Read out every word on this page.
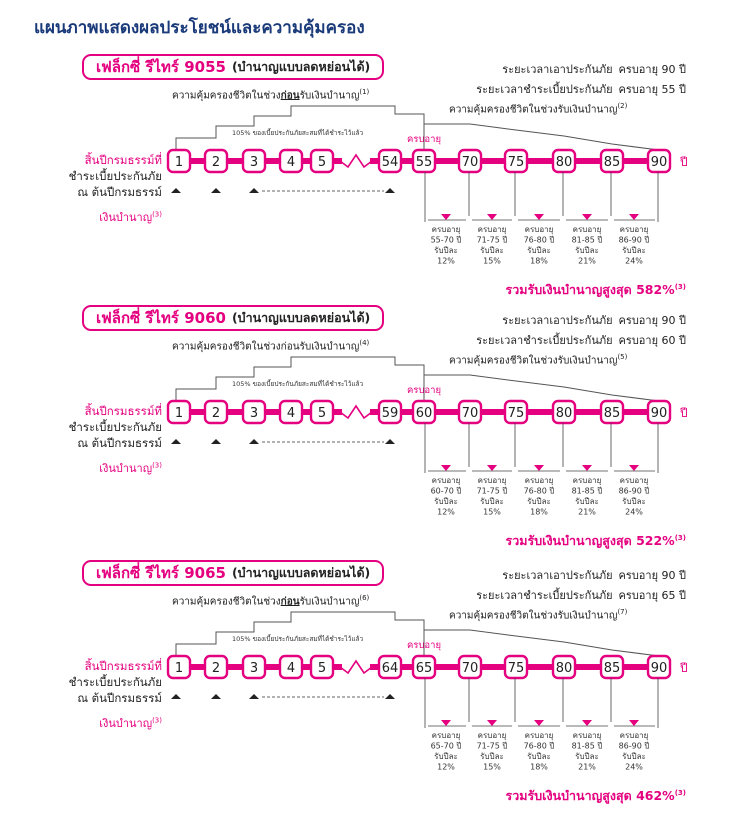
แผนภาพแสดงผลประโยชน์และความคุ้มครอง
เฟล็กซี่ รีไทร์ 9055 (บำนาญแบบลดหย่อนได้)	ระยะเวลาเอาประกันภัย ครบอายุ 90 ปี
ระยะเวลาชำระเบี้ยประกันภัย ครบอายุ 55 ปี
ความคุ้มครองชีวิตในช่วงก่อนรับเงินบำนาญ$^{(1)}$
ความคุ้มครองชีวิตในช่วงรับเงินบำนาญ$^{(2)}$
สิ้นปีกรมธรรม์ที่
ชำระเบี้ยประกันภัย
ณ ต้นปีกรมธรรม์
เงินบำนาญ$^{(3)}$
รวมรับเงินบำนาญสูงสุด 582%$^{(3)}$
105% ของเบี้ยประกันภัยสะสมที่ได้ชำระไว้แล้ว
ครบอายุ
1 2 3 4 5	54 55 70 75 80 85 90 ปี
ครบอายุ
55-70 ปี
รับปีละ
12%
ครบอายุ
71-75 ปี
รับปีละ
15%
ครบอายุ
76-80 ปี
รับปีละ
18%
ครบอายุ
81-85 ปี
รับปีละ
21%
ครบอายุ
86-90 ปี
รับปีละ
24%
เฟล็กซี่ รีไทร์ 9060 (บำนาญแบบลดหย่อนได้)	ระยะเวลาเอาประกันภัย ครบอายุ 90 ปี
ระยะเวลาชำระเบี้ยประกันภัย ครบอายุ 60 ปี
ความคุ้มครองชีวิตในช่วงก่อนรับเงินบำนาญ$^{(4)}$
ความคุ้มครองชีวิตในช่วงรับเงินบำนาญ$^{(5)}$
สิ้นปีกรมธรรม์ที่
ชำระเบี้ยประกันภัย
ณ ต้นปีกรมธรรม์
เงินบำนาญ$^{(3)}$
รวมรับเงินบำนาญสูงสุด 522%$^{(3)}$
105% ของเบี้ยประกันภัยสะสมที่ได้ชำระไว้แล้ว
ครบอายุ
1 2 3 4 5	59 60 70 75 80 85 90 ปี
ครบอายุ
60-70 ปี
รับปีละ
12%
ครบอายุ
71-75 ปี
รับปีละ
15%
ครบอายุ
76-80 ปี
รับปีละ
18%
ครบอายุ
81-85 ปี
รับปีละ
21%
ครบอายุ
86-90 ปี
รับปีละ
24%
เฟล็กซี่ รีไทร์ 9065 (บำนาญแบบลดหย่อนได้)	ระยะเวลาเอาประกันภัย ครบอายุ 90 ปี
ระยะเวลาชำระเบี้ยประกันภัย ครบอายุ 65 ปี
ความคุ้มครองชีวิตในช่วงก่อนรับเงินบำนาญ$^{(6)}$
ความคุ้มครองชีวิตในช่วงรับเงินบำนาญ$^{(7)}$
สิ้นปีกรมธรรม์ที่
ชำระเบี้ยประกันภัย
ณ ต้นปีกรมธรรม์
เงินบำนาญ$^{(3)}$
รวมรับเงินบำนาญสูงสุด 462%$^{(3)}$
105% ของเบี้ยประกันภัยสะสมที่ได้ชำระไว้แล้ว
ครบอายุ
1 2 3 4 5	64 65 70 75 80 85 90 ปี
ครบอายุ
65-70 ปี
รับปีละ
12%
ครบอายุ
71-75 ปี
รับปีละ
15%
ครบอายุ
76-80 ปี
รับปีละ
18%
ครบอายุ
81-85 ปี
รับปีละ
21%
ครบอายุ
86-90 ปี
รับปีละ
24%
